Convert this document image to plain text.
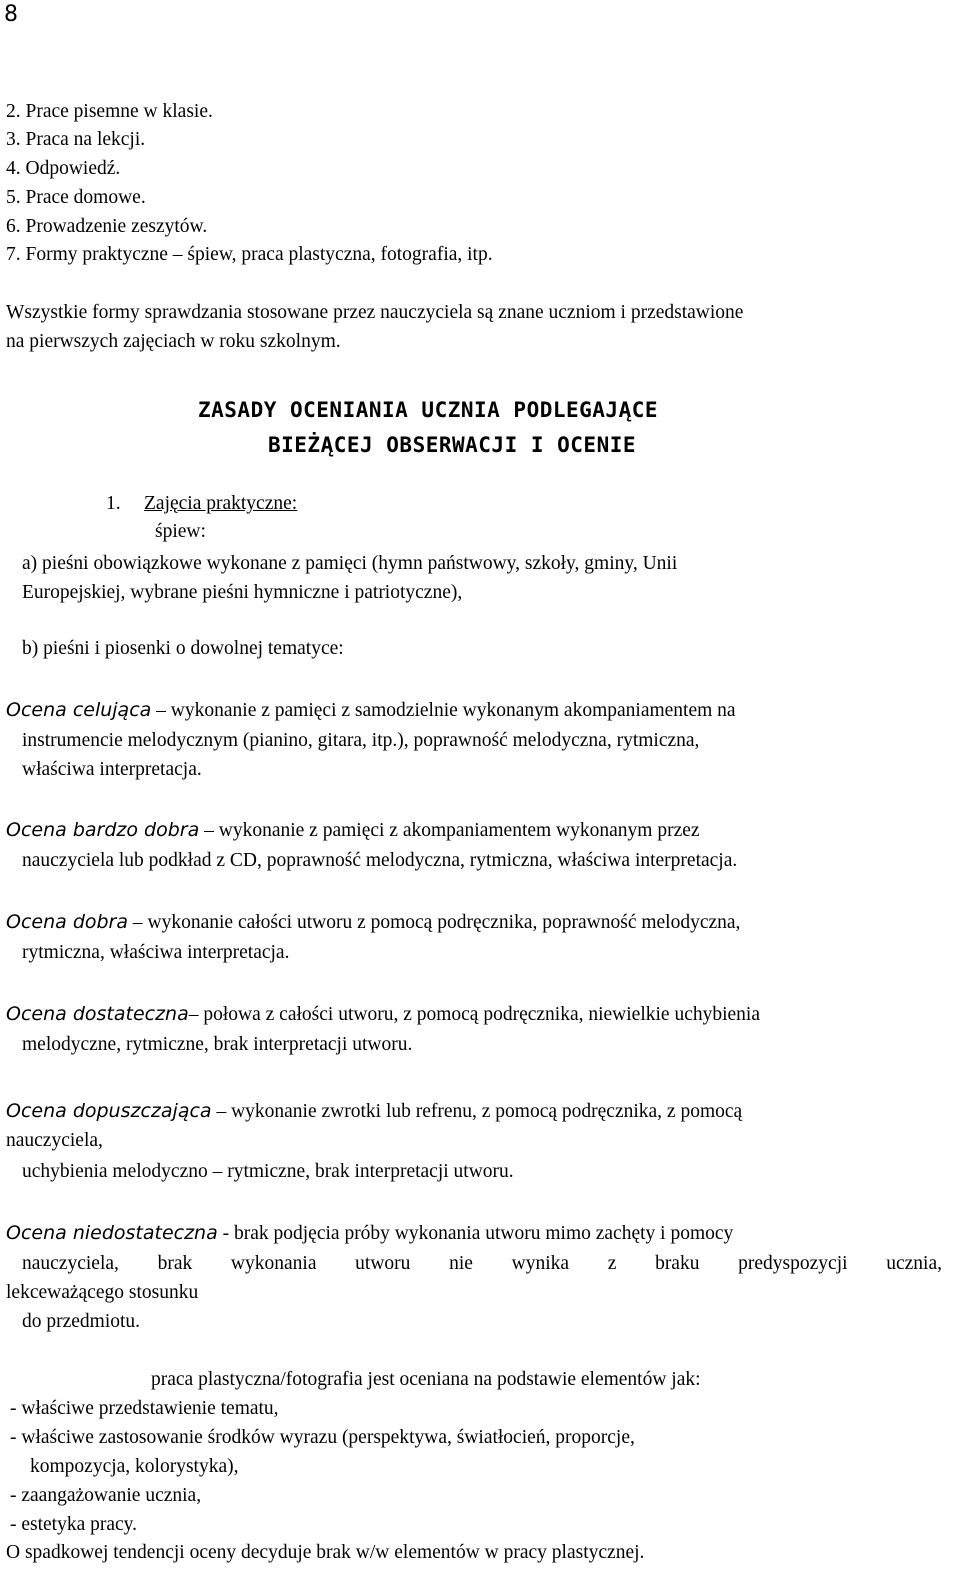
8
2. Prace pisemne w klasie.
3. Praca na lekcji.
4. Odpowiedź.
5. Prace domowe.
6. Prowadzenie zeszytów.
7. Formy praktyczne – śpiew, praca plastyczna, fotografia, itp.
Wszystkie formy sprawdzania stosowane przez nauczyciela są znane uczniom i przedstawione
na pierwszych zajęciach w roku szkolnym.
ZASADY OCENIANIA UCZNIA PODLEGAJĄCE
BIEŻĄCEJ OBSERWACJI I OCENIE
1. Zajęcia praktyczne:
śpiew:
a) pieśni obowiązkowe wykonane z pamięci (hymn państwowy, szkoły, gminy, Unii
Europejskiej, wybrane pieśni hymniczne i patriotyczne),
b) pieśni i piosenki o dowolnej tematyce:
Ocena celująca – wykonanie z pamięci z samodzielnie wykonanym akompaniamentem na
instrumencie melodycznym (pianino, gitara, itp.), poprawność melodyczna, rytmiczna,
właściwa interpretacja.
Ocena bardzo dobra – wykonanie z pamięci z akompaniamentem wykonanym przez
nauczyciela lub podkład z CD, poprawność melodyczna, rytmiczna, właściwa interpretacja.
Ocena dobra – wykonanie całości utworu z pomocą podręcznika, poprawność melodyczna,
rytmiczna, właściwa interpretacja.
Ocena dostateczna– połowa z całości utworu, z pomocą podręcznika, niewielkie uchybienia
melodyczne, rytmiczne, brak interpretacji utworu.
Ocena dopuszczająca – wykonanie zwrotki lub refrenu, z pomocą podręcznika, z pomocą
nauczyciela,
uchybienia melodyczno – rytmiczne, brak interpretacji utworu.
Ocena niedostateczna - brak podjęcia próby wykonania utworu mimo zachęty i pomocy
nauczyciela, brak wykonania utworu nie wynika z braku predyspozycji ucznia,
lekceważącego stosunku
do przedmiotu.
praca plastyczna/fotografia jest oceniana na podstawie elementów jak:
- właściwe przedstawienie tematu,
- właściwe zastosowanie środków wyrazu (perspektywa, światłocień, proporcje,
kompozycja, kolorystyka),
- zaangażowanie ucznia,
- estetyka pracy.
O spadkowej tendencji oceny decyduje brak w/w elementów w pracy plastycznej.
